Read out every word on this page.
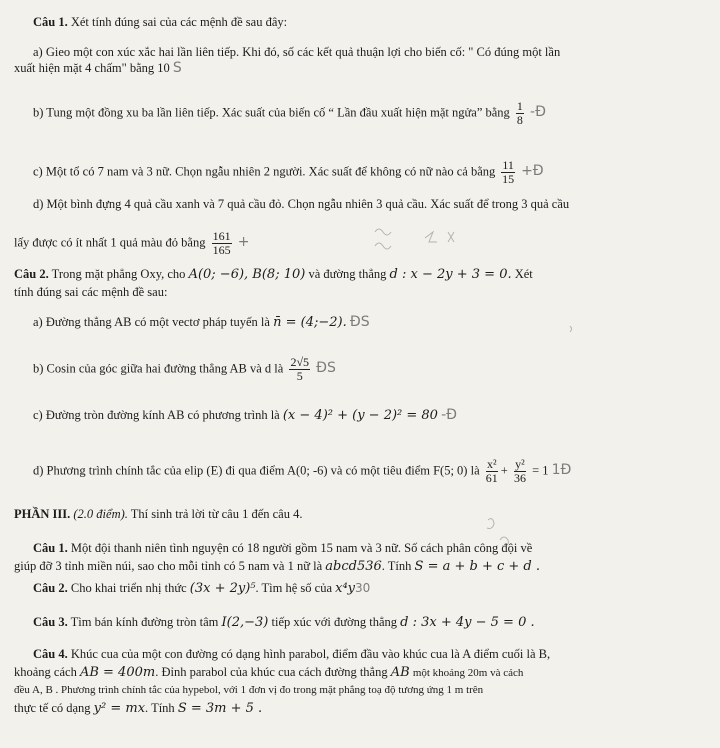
Câu 1. Xét tính đúng sai của các mệnh đề sau đây:
a) Gieo một con xúc xắc hai lần liên tiếp. Khi đó, số các kết quả thuận lợi cho biến cố: " Có đúng một lần
xuất hiện mặt 4 chấm" bằng 10 S
b) Tung một đồng xu ba lần liên tiếp. Xác suất của biến cố “ Lần đầu xuất hiện mặt ngửa” bằng $\frac{1}{8}$ -Đ
c) Một tổ có 7 nam và 3 nữ. Chọn ngẫu nhiên 2 người. Xác suất để không có nữ nào cả bằng $\frac{11}{15}$ +Đ
d) Một bình đựng 4 quả cầu xanh và 7 quả cầu đỏ. Chọn ngẫu nhiên 3 quả cầu. Xác suất để trong 3 quả cầu
lấy được có ít nhất 1 quả màu đỏ bằng $\frac{161}{165}$ +
Câu 2. Trong mặt phẳng Oxy, cho A(0; −6), B(8; 10) và đường thẳng d : x − 2y + 3 = 0. Xét
tính đúng sai các mệnh đề sau:
a) Đường thẳng AB có một vectơ pháp tuyến là n̄ = (4;−2). ĐS
b) Cosin của góc giữa hai đường thẳng AB và d là $\frac{2√5}{5}$ ĐS
c) Đường tròn đường kính AB có phương trình là (x − 4)² + (y − 2)² = 80 -Đ
d) Phương trình chính tắc của elip (E) đi qua điểm A(0; -6) và có một tiêu điểm F(5; 0) là $\frac{\text{x²}}{61} + \frac{\text{y²}}{36} = 1$ 1Đ
PHẦN III. (2.0 điểm). Thí sinh trả lời từ câu 1 đến câu 4.
Câu 1. Một đội thanh niên tình nguyện có 18 người gồm 15 nam và 3 nữ. Số cách phân công đội về
giúp đỡ 3 tỉnh miền núi, sao cho mỗi tỉnh có 5 nam và 1 nữ là abcd536. Tính S = a + b + c + d .
Câu 2. Cho khai triển nhị thức (3x + 2y)⁵. Tìm hệ số của x⁴y30
Câu 3. Tìm bán kính đường tròn tâm I(2,−3) tiếp xúc với đường thẳng d : 3x + 4y − 5 = 0 .
Câu 4. Khúc cua của một con đường có dạng hình parabol, điểm đầu vào khúc cua là A điểm cuối là B,
khoảng cách AB = 400m. Đỉnh parabol của khúc cua cách đường thẳng AB một khoảng 20m và cách
đều A, B . Phương trình chính tắc của hypebol, với 1 đơn vị đo trong mặt phẳng toạ độ tương ứng 1 m trên
thực tế có dạng y² = mx. Tính S = 3m + 5 .
